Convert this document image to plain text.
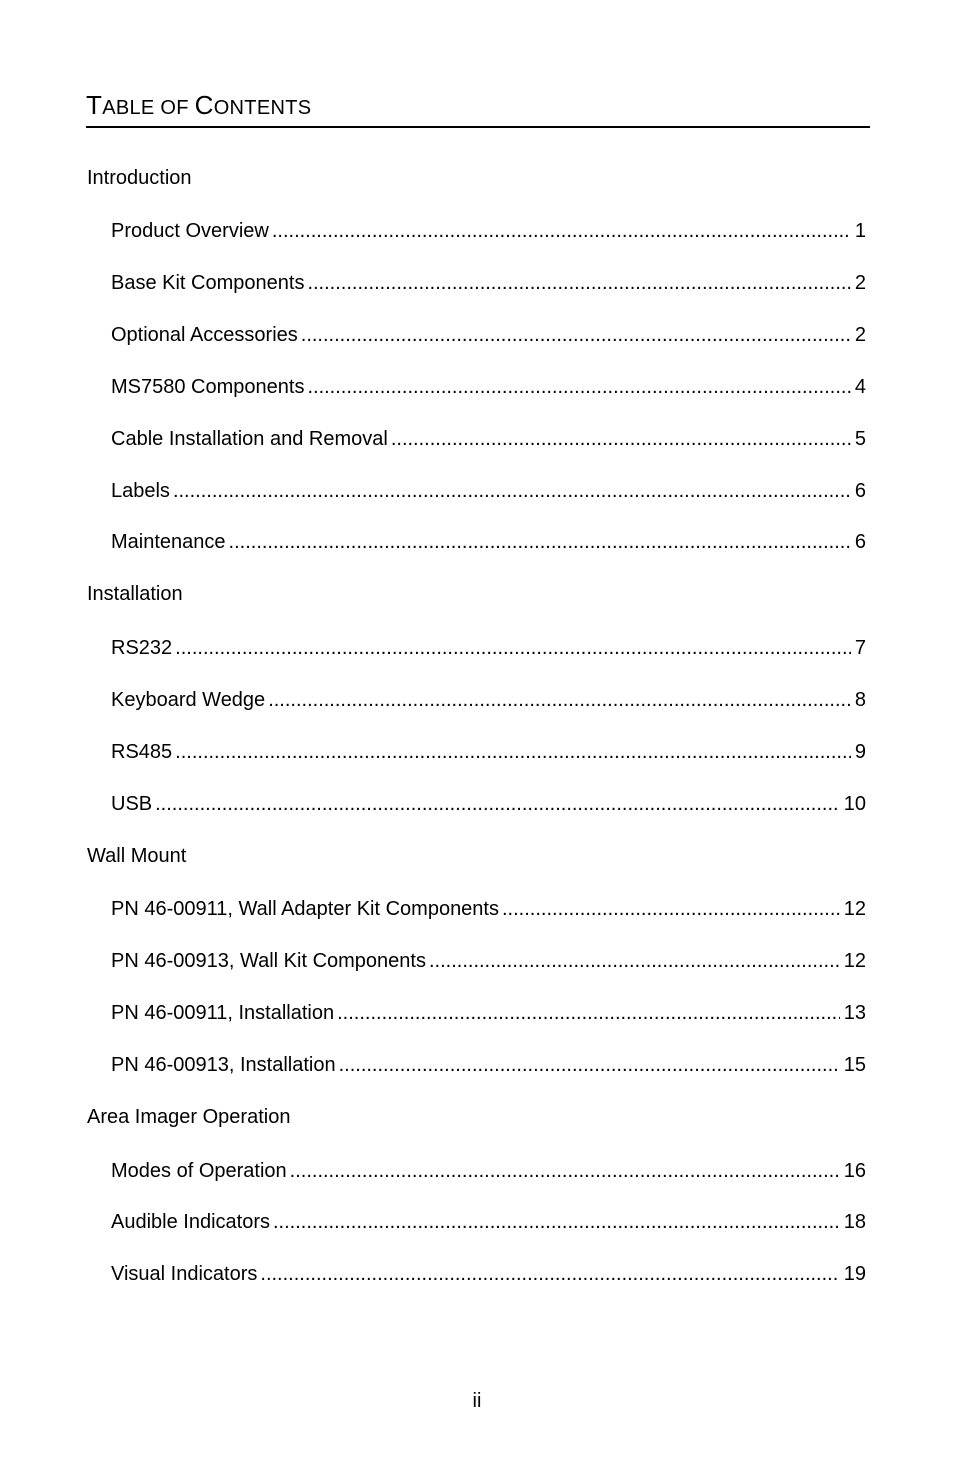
TABLE OF CONTENTS
Introduction
Product Overview .....	1
Base Kit Components .....	2
Optional Accessories .....	2
MS7580 Components .....	4
Cable Installation and Removal .....	5
Labels .....	6
Maintenance .....	6
Installation
RS232 .....	7
Keyboard Wedge .....	8
RS485 .....	9
USB .....	10
Wall Mount
PN 46-00911, Wall Adapter Kit Components .....	12
PN 46-00913, Wall Kit Components .....	12
PN 46-00911, Installation .....	13
PN 46-00913, Installation .....	15
Area Imager Operation
Modes of Operation .....	16
Audible Indicators .....	18
Visual Indicators .....	19
ii
